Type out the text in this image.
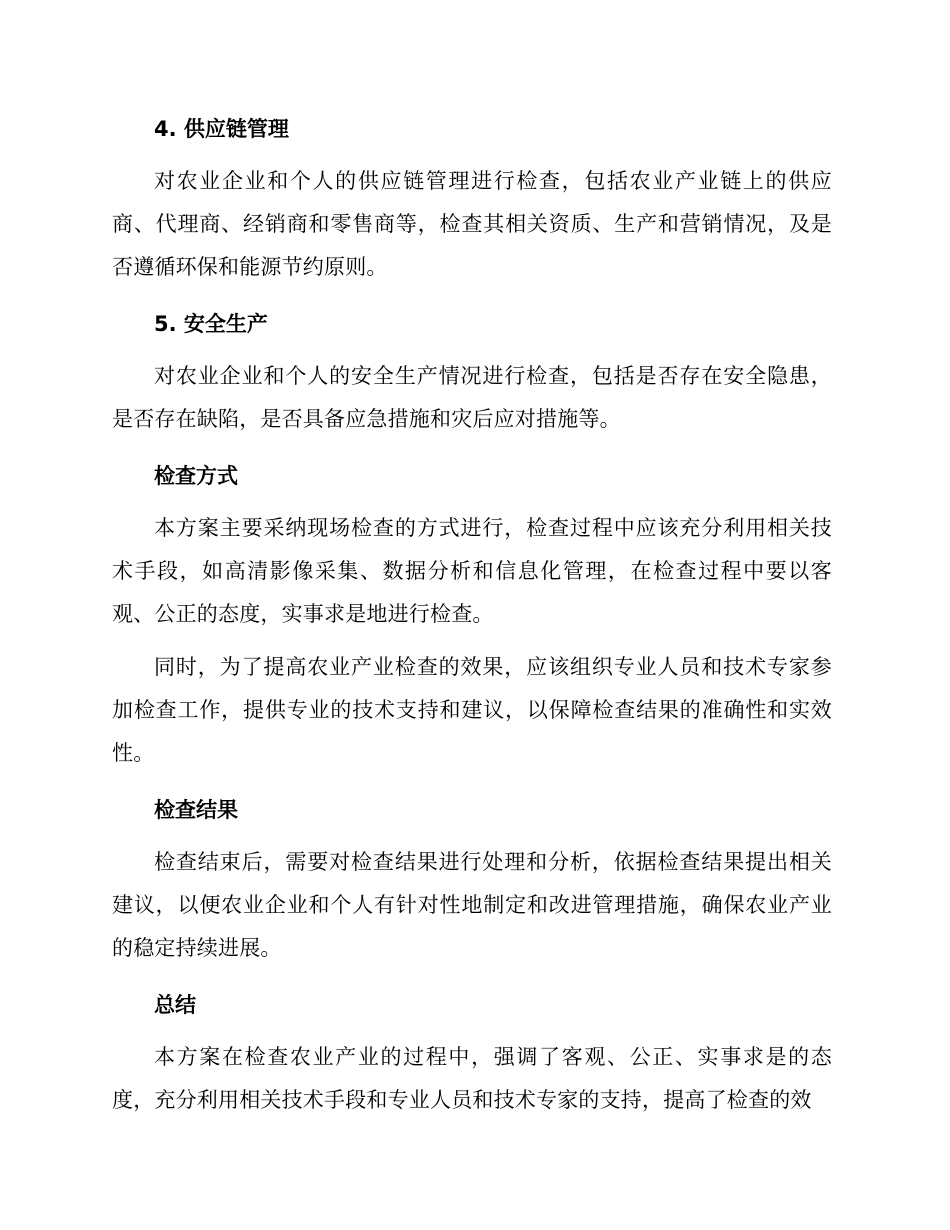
4. 供应链管理
对农业企业和个人的供应链管理进行检查，包括农业产业链上的供应商、代理商、经销商和零售商等，检查其相关资质、生产和营销情况，及是否遵循环保和能源节约原则。
5. 安全生产
对农业企业和个人的安全生产情况进行检查，包括是否存在安全隐患，是否存在缺陷，是否具备应急措施和灾后应对措施等。
检查方式
本方案主要采纳现场检查的方式进行，检查过程中应该充分利用相关技术手段，如高清影像采集、数据分析和信息化管理，在检查过程中要以客观、公正的态度，实事求是地进行检查。
同时，为了提高农业产业检查的效果，应该组织专业人员和技术专家参加检查工作，提供专业的技术支持和建议，以保障检查结果的准确性和实效性。
检查结果
检查结束后，需要对检查结果进行处理和分析，依据检查结果提出相关建议，以便农业企业和个人有针对性地制定和改进管理措施，确保农业产业的稳定持续进展。
总结
本方案在检查农业产业的过程中，强调了客观、公正、实事求是的态度，充分利用相关技术手段和专业人员和技术专家的支持，提高了检查的效
